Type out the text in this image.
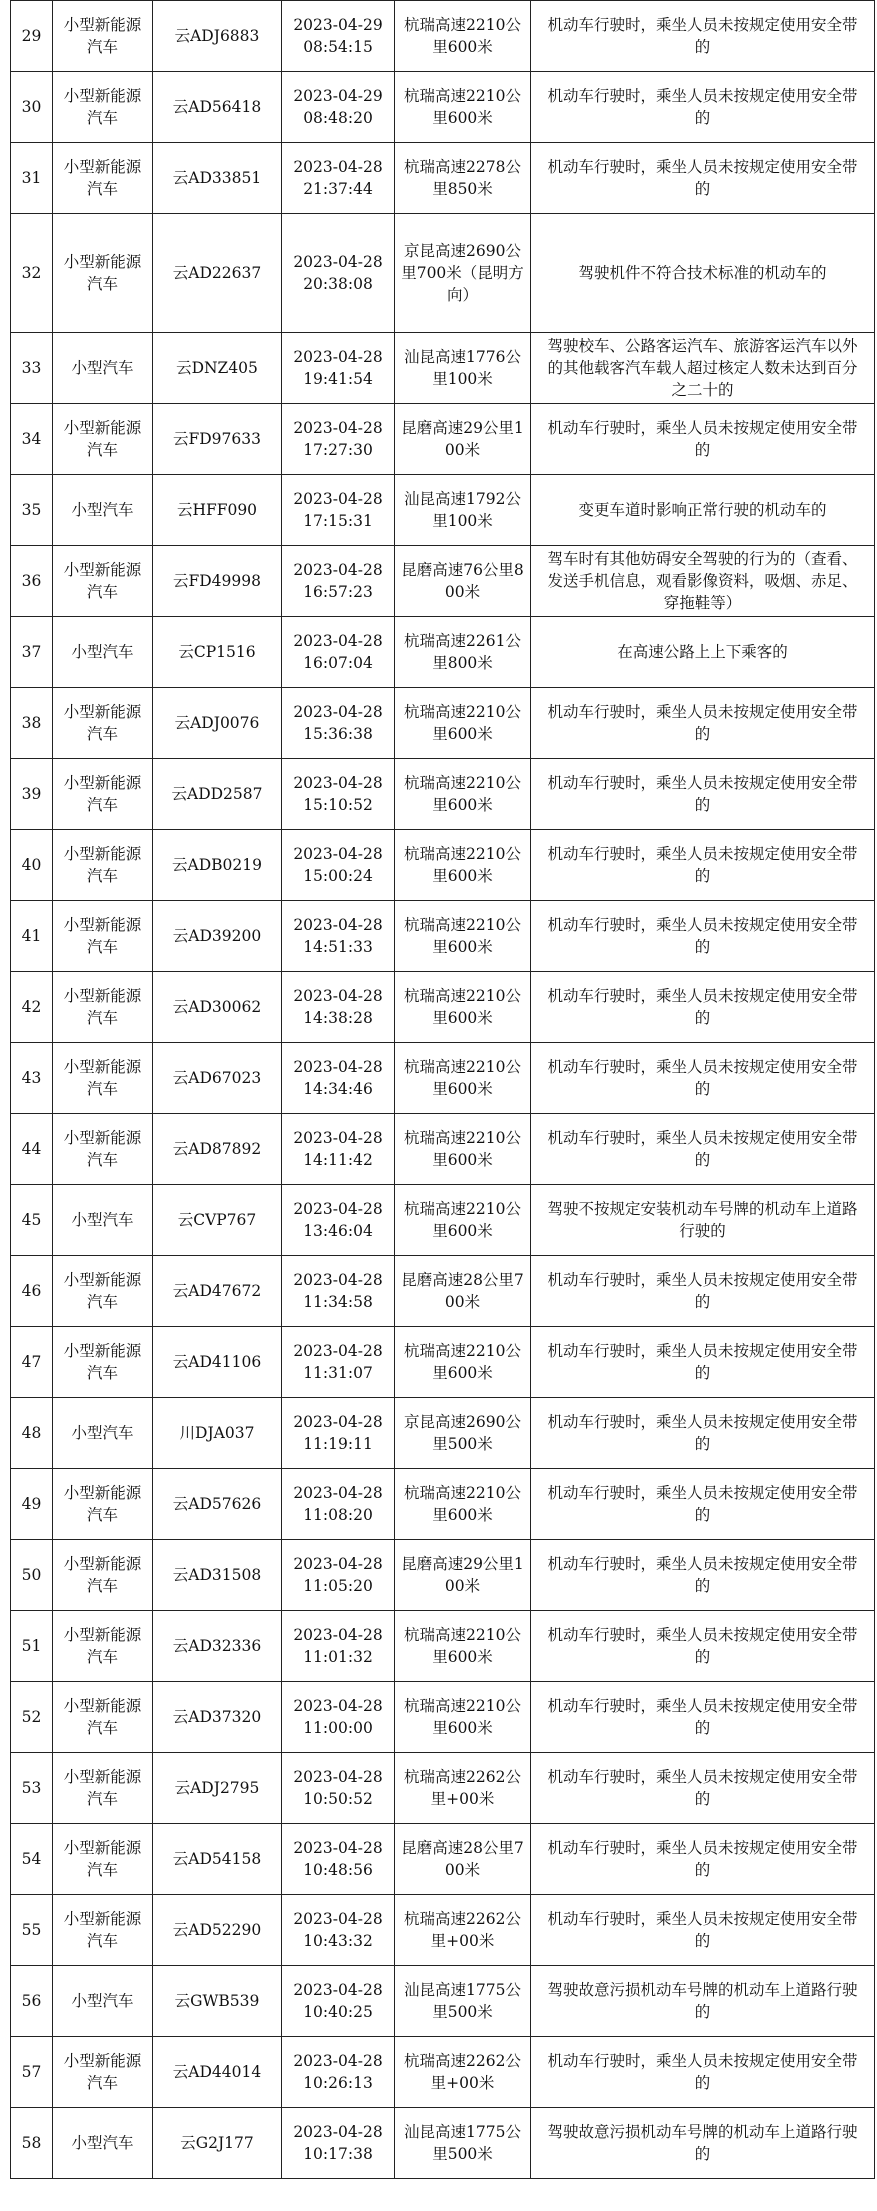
29	小型新能源汽车	云ADJ6883	2023-04-29 08:54:15	杭瑞高速2210公里600米	机动车行驶时，乘坐人员未按规定使用安全带的
30	小型新能源汽车	云AD56418	2023-04-29 08:48:20	杭瑞高速2210公里600米	机动车行驶时，乘坐人员未按规定使用安全带的
31	小型新能源汽车	云AD33851	2023-04-28 21:37:44	杭瑞高速2278公里850米	机动车行驶时，乘坐人员未按规定使用安全带的
32	小型新能源汽车	云AD22637	2023-04-28 20:38:08	京昆高速2690公里700米（昆明方向）	驾驶机件不符合技术标准的机动车的
33	小型汽车	云DNZ405	2023-04-28 19:41:54	汕昆高速1776公里100米	驾驶校车、公路客运汽车、旅游客运汽车以外的其他载客汽车载人超过核定人数未达到百分之二十的
34	小型新能源汽车	云FD97633	2023-04-28 17:27:30	昆磨高速29公里100米	机动车行驶时，乘坐人员未按规定使用安全带的
35	小型汽车	云HFF090	2023-04-28 17:15:31	汕昆高速1792公里100米	变更车道时影响正常行驶的机动车的
36	小型新能源汽车	云FD49998	2023-04-28 16:57:23	昆磨高速76公里800米	驾车时有其他妨碍安全驾驶的行为的（查看、发送手机信息，观看影像资料，吸烟、赤足、穿拖鞋等）
37	小型汽车	云CP1516	2023-04-28 16:07:04	杭瑞高速2261公里800米	在高速公路上上下乘客的
38	小型新能源汽车	云ADJ0076	2023-04-28 15:36:38	杭瑞高速2210公里600米	机动车行驶时，乘坐人员未按规定使用安全带的
39	小型新能源汽车	云ADD2587	2023-04-28 15:10:52	杭瑞高速2210公里600米	机动车行驶时，乘坐人员未按规定使用安全带的
40	小型新能源汽车	云ADB0219	2023-04-28 15:00:24	杭瑞高速2210公里600米	机动车行驶时，乘坐人员未按规定使用安全带的
41	小型新能源汽车	云AD39200	2023-04-28 14:51:33	杭瑞高速2210公里600米	机动车行驶时，乘坐人员未按规定使用安全带的
42	小型新能源汽车	云AD30062	2023-04-28 14:38:28	杭瑞高速2210公里600米	机动车行驶时，乘坐人员未按规定使用安全带的
43	小型新能源汽车	云AD67023	2023-04-28 14:34:46	杭瑞高速2210公里600米	机动车行驶时，乘坐人员未按规定使用安全带的
44	小型新能源汽车	云AD87892	2023-04-28 14:11:42	杭瑞高速2210公里600米	机动车行驶时，乘坐人员未按规定使用安全带的
45	小型汽车	云CVP767	2023-04-28 13:46:04	杭瑞高速2210公里600米	驾驶不按规定安装机动车号牌的机动车上道路行驶的
46	小型新能源汽车	云AD47672	2023-04-28 11:34:58	昆磨高速28公里700米	机动车行驶时，乘坐人员未按规定使用安全带的
47	小型新能源汽车	云AD41106	2023-04-28 11:31:07	杭瑞高速2210公里600米	机动车行驶时，乘坐人员未按规定使用安全带的
48	小型汽车	川DJA037	2023-04-28 11:19:11	京昆高速2690公里500米	机动车行驶时，乘坐人员未按规定使用安全带的
49	小型新能源汽车	云AD57626	2023-04-28 11:08:20	杭瑞高速2210公里600米	机动车行驶时，乘坐人员未按规定使用安全带的
50	小型新能源汽车	云AD31508	2023-04-28 11:05:20	昆磨高速29公里100米	机动车行驶时，乘坐人员未按规定使用安全带的
51	小型新能源汽车	云AD32336	2023-04-28 11:01:32	杭瑞高速2210公里600米	机动车行驶时，乘坐人员未按规定使用安全带的
52	小型新能源汽车	云AD37320	2023-04-28 11:00:00	杭瑞高速2210公里600米	机动车行驶时，乘坐人员未按规定使用安全带的
53	小型新能源汽车	云ADJ2795	2023-04-28 10:50:52	杭瑞高速2262公里+00米	机动车行驶时，乘坐人员未按规定使用安全带的
54	小型新能源汽车	云AD54158	2023-04-28 10:48:56	昆磨高速28公里700米	机动车行驶时，乘坐人员未按规定使用安全带的
55	小型新能源汽车	云AD52290	2023-04-28 10:43:32	杭瑞高速2262公里+00米	机动车行驶时，乘坐人员未按规定使用安全带的
56	小型汽车	云GWB539	2023-04-28 10:40:25	汕昆高速1775公里500米	驾驶故意污损机动车号牌的机动车上道路行驶的
57	小型新能源汽车	云AD44014	2023-04-28 10:26:13	杭瑞高速2262公里+00米	机动车行驶时，乘坐人员未按规定使用安全带的
58	小型汽车	云G2J177	2023-04-28 10:17:38	汕昆高速1775公里500米	驾驶故意污损机动车号牌的机动车上道路行驶的
